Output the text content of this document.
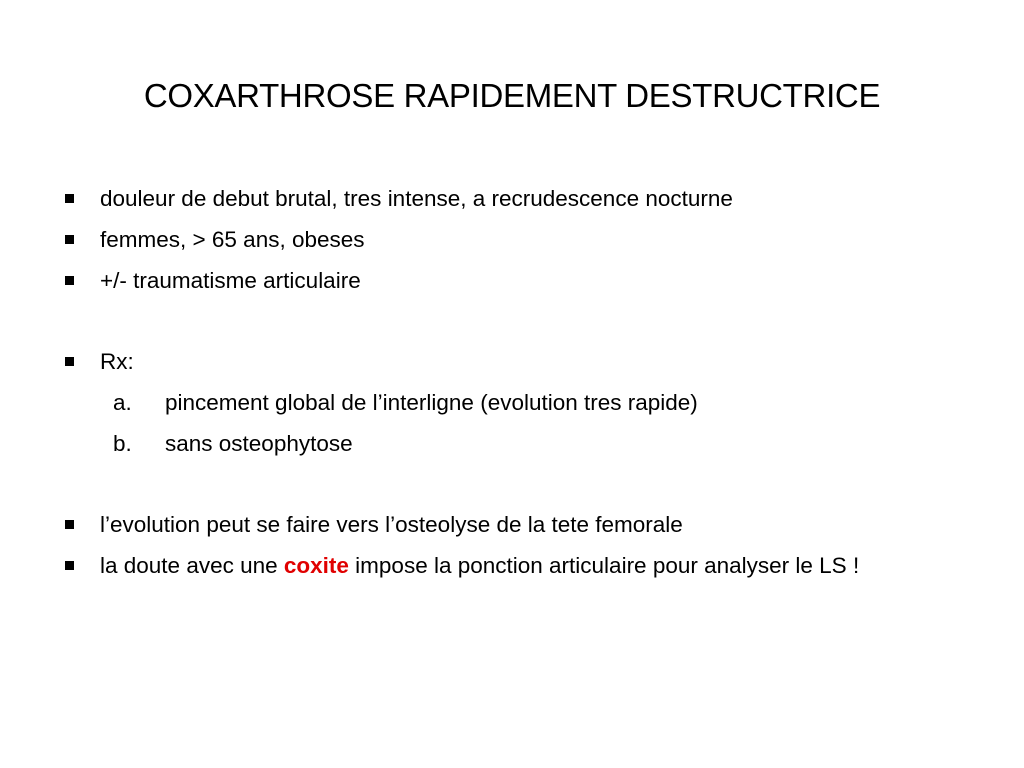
COXARTHROSE RAPIDEMENT DESTRUCTRICE
douleur de debut brutal, tres intense, a recrudescence nocturne
femmes, > 65 ans, obeses
+/- traumatisme articulaire
Rx:
a. pincement global de l’interligne (evolution tres rapide)
b. sans osteophytose
l’evolution peut se faire vers l’osteolyse de la tete femorale
la doute avec une coxite impose la ponction articulaire pour analyser le LS !
